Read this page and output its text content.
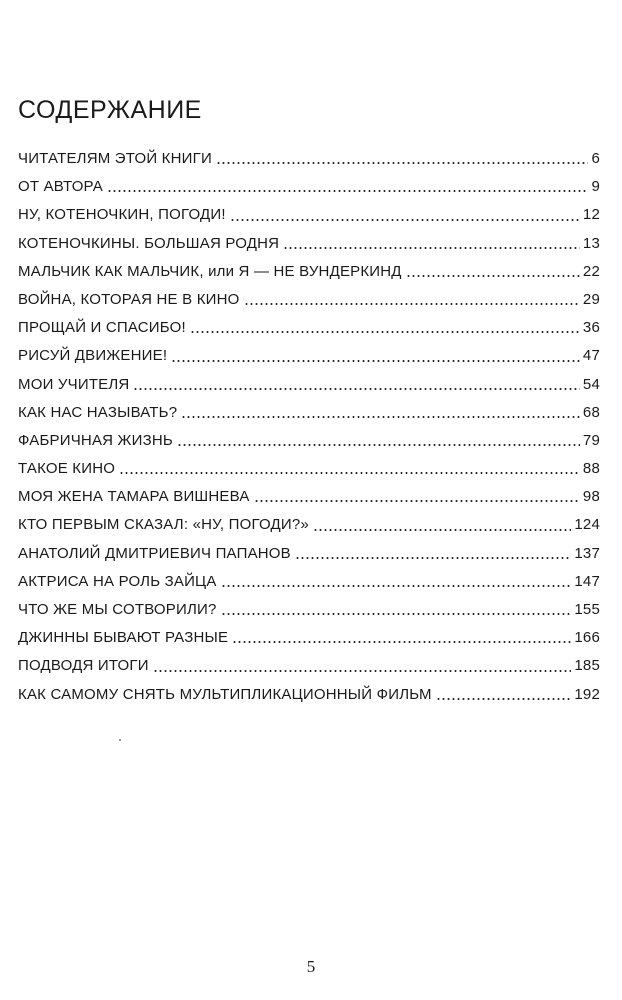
СОДЕРЖАНИЕ
ЧИТАТЕЛЯМ ЭТОЙ КНИГИ	6
ОТ АВТОРА	9
НУ, КОТЕНОЧКИН, ПОГОДИ!	12
КОТЕНОЧКИНЫ. БОЛЬШАЯ РОДНЯ	13
МАЛЬЧИК КАК МАЛЬЧИК, или Я — НЕ ВУНДЕРКИНД	22
ВОЙНА, КОТОРАЯ НЕ В КИНО	29
ПРОЩАЙ И СПАСИБО!	36
РИСУЙ ДВИЖЕНИЕ!	47
МОИ УЧИТЕЛЯ	54
КАК НАС НАЗЫВАТЬ?	68
ФАБРИЧНАЯ ЖИЗНЬ	79
ТАКОЕ КИНО	88
МОЯ ЖЕНА ТАМАРА ВИШНЕВА	98
КТО ПЕРВЫМ СКАЗАЛ: «НУ, ПОГОДИ?»	124
АНАТОЛИЙ ДМИТРИЕВИЧ ПАПАНОВ	137
АКТРИСА НА РОЛЬ ЗАЙЦА	147
ЧТО ЖЕ МЫ СОТВОРИЛИ?	155
ДЖИННЫ БЫВАЮТ РАЗНЫЕ	166
ПОДВОДЯ ИТОГИ	185
КАК САМОМУ СНЯТЬ МУЛЬТИПЛИКАЦИОННЫЙ ФИЛЬМ	192
5
